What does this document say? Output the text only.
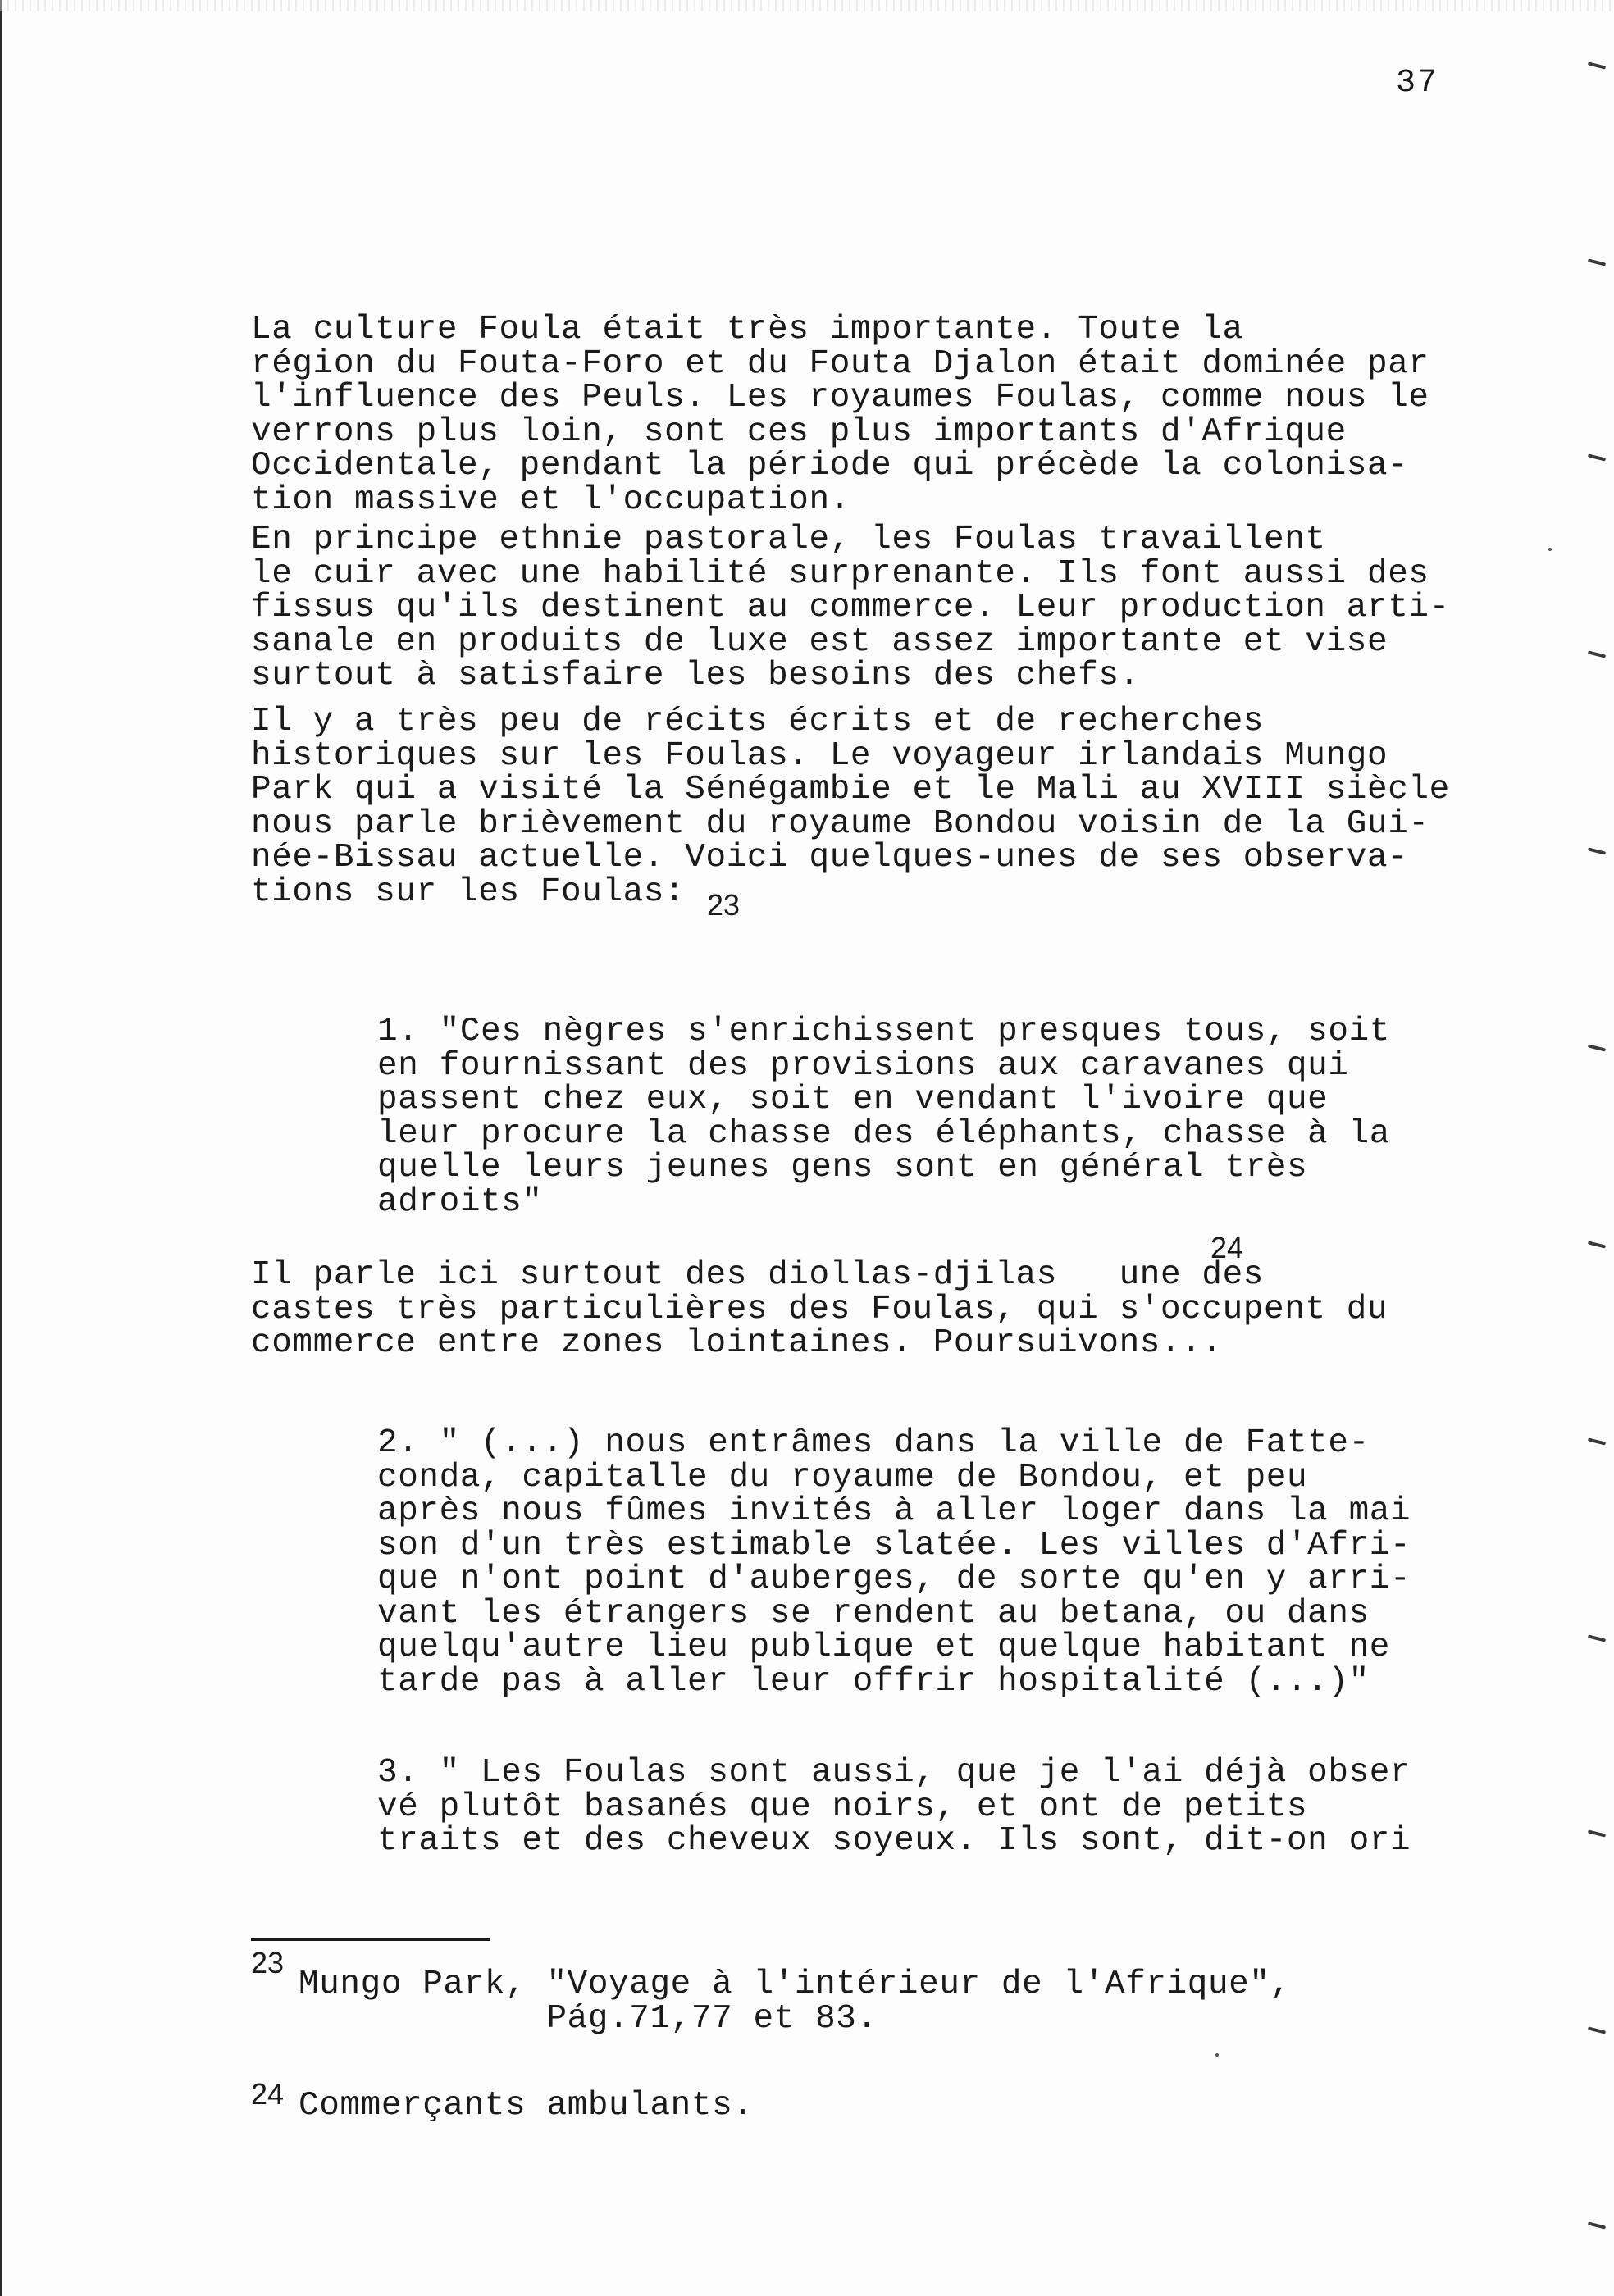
37

La culture Foula était très importante. Toute la
région du Fouta-Foro et du Fouta Djalon était dominée par
l'influence des Peuls. Les royaumes Foulas, comme nous le
verrons plus loin, sont ces plus importants d'Afrique
Occidentale, pendant la période qui précède la colonisa-
tion massive et l'occupation.

En principe ethnie pastorale, les Foulas travaillent
le cuir avec une habilité surprenante. Ils font aussi des
fissus qu'ils destinent au commerce. Leur production arti-
sanale en produits de luxe est assez importante et vise
surtout à satisfaire les besoins des chefs.

Il y a très peu de récits écrits et de recherches
historiques sur les Foulas. Le voyageur irlandais Mungo
Park qui a visité la Sénégambie et le Mali au XVIII siècle
nous parle brièvement du royaume Bondou voisin de la Gui-
née-Bissau actuelle. Voici quelques-unes de ses observa-
tions sur les Foulas: 23

1. "Ces nègres s'enrichissent presques tous, soit
en fournissant des provisions aux caravanes qui
passent chez eux, soit en vendant l'ivoire que
leur procure la chasse des éléphants, chasse à la
quelle leurs jeunes gens sont en général très
adroits"

24

Il parle ici surtout des diollas-djilas   une des
castes très particulières des Foulas, qui s'occupent du
commerce entre zones lointaines. Poursuivons...

2. " (...) nous entrâmes dans la ville de Fatte-
conda, capitalle du royaume de Bondou, et peu
après nous fûmes invités à aller loger dans la mai
son d'un très estimable slatée. Les villes d'Afri-
que n'ont point d'auberges, de sorte qu'en y arri-
vant les étrangers se rendent au betana, ou dans
quelqu'autre lieu publique et quelque habitant ne
tarde pas à aller leur offrir hospitalité (...)"

3. " Les Foulas sont aussi, que je l'ai déjà obser
vé plutôt basanés que noirs, et ont de petits
traits et des cheveux soyeux. Ils sont, dit-on ori

23

Mungo Park, "Voyage à l'intérieur de l'Afrique",
Pág.71,77 et 83.

24 Commerçants ambulants.
